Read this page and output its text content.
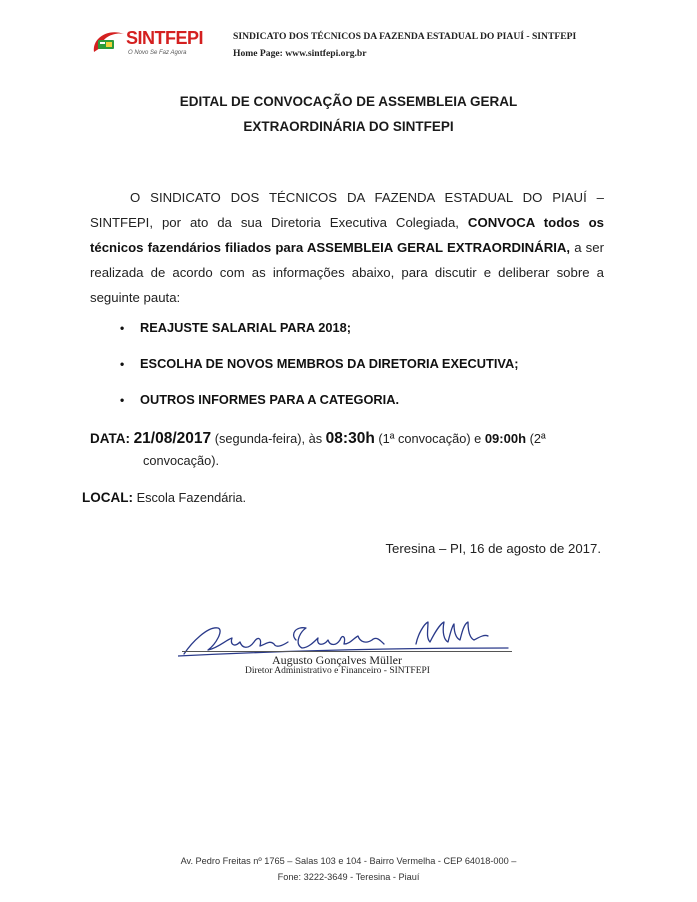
SINTFEPI
O Novo Se Faz Agora
SINDICATO DOS TÉCNICOS DA FAZENDA ESTADUAL DO PIAUÍ - SINTFEPI
Home Page: www.sintfepi.org.br
EDITAL DE CONVOCAÇÃO DE ASSEMBLEIA GERAL
EXTRAORDINÁRIA DO SINTFEPI

O SINDICATO DOS TÉCNICOS DA FAZENDA ESTADUAL DO PIAUÍ – SINTFEPI, por ato da sua Diretoria Executiva Colegiada, CONVOCA todos os técnicos fazendários filiados para ASSEMBLEIA GERAL EXTRAORDINÁRIA, a ser realizada de acordo com as informações abaixo, para discutir e deliberar sobre a seguinte pauta:

• REAJUSTE SALARIAL PARA 2018;
• ESCOLHA DE NOVOS MEMBROS DA DIRETORIA EXECUTIVA;
• OUTROS INFORMES PARA A CATEGORIA.
DATA: 21/08/2017 (segunda-feira), às 08:30h (1ª convocação) e 09:00h (2ª
convocação).
LOCAL: Escola Fazendária.
Teresina – PI, 16 de agosto de 2017.
Augusto Gonçalves Müller
Diretor Administrativo e Financeiro - SINTFEPI
Av. Pedro Freitas nº 1765 – Salas 103 e 104 - Bairro Vermelha - CEP 64018-000 –
Fone: 3222-3649 - Teresina - Piauí
